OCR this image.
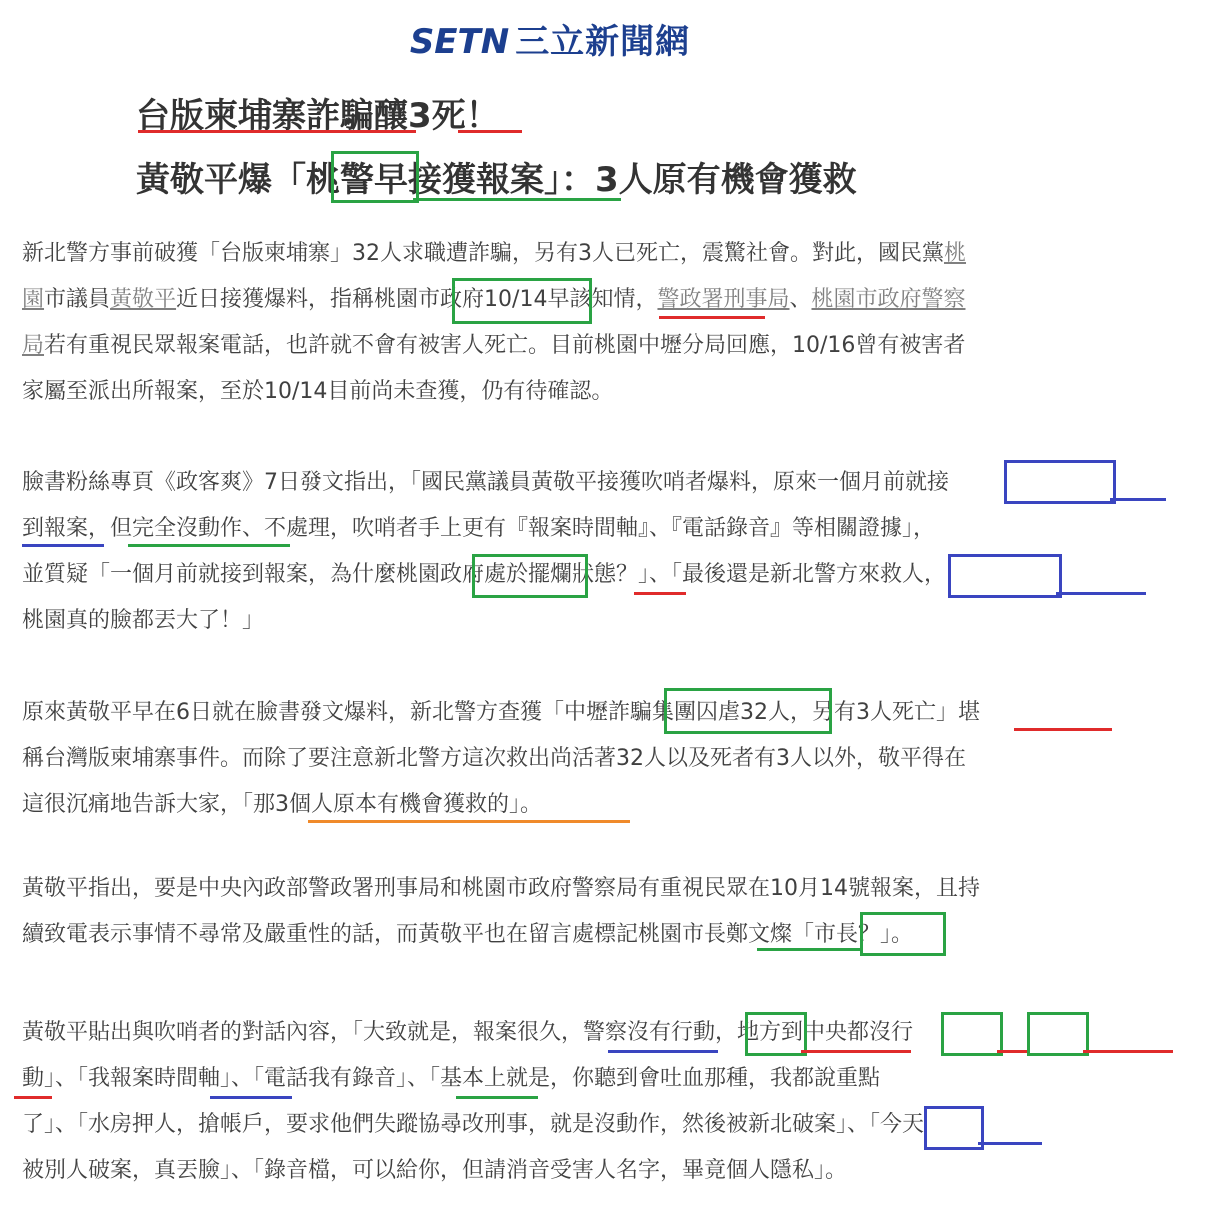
SETN 三立新聞網
台版柬埔寨詐騙釀3死！
黃敬平爆「桃警早接獲報案」：3人原有機會獲救
新北警方事前破獲「台版柬埔寨」32人求職遭詐騙，另有3人已死亡，震驚社會。對此，國民黨桃
園市議員黃敬平近日接獲爆料，指稱桃園市政府10/14早該知情，警政署刑事局、桃園市政府警察
局若有重視民眾報案電話，也許就不會有被害人死亡。目前桃園中壢分局回應，10/16曾有被害者
家屬至派出所報案，至於10/14目前尚未查獲，仍有待確認。
臉書粉絲專頁《政客爽》7日發文指出，「國民黨議員黃敬平接獲吹哨者爆料，原來一個月前就接
到報案，但完全沒動作、不處理，吹哨者手上更有『報案時間軸』、『電話錄音』等相關證據」，
並質疑「一個月前就接到報案，為什麼桃園政府處於擺爛狀態？」、「最後還是新北警方來救人，
桃園真的臉都丟大了！」
原來黃敬平早在6日就在臉書發文爆料，新北警方查獲「中壢詐騙集團囚虐32人，另有3人死亡」堪
稱台灣版柬埔寨事件。而除了要注意新北警方這次救出尚活著32人以及死者有3人以外，敬平得在
這很沉痛地告訴大家，「那3個人原本有機會獲救的」。
黃敬平指出，要是中央內政部警政署刑事局和桃園市政府警察局有重視民眾在10月14號報案，且持
續致電表示事情不尋常及嚴重性的話，而黃敬平也在留言處標記桃園市長鄭文燦「市長？」。
黃敬平貼出與吹哨者的對話內容，「大致就是，報案很久，警察沒有行動，地方到中央都沒行
動」、「我報案時間軸」、「電話我有錄音」、「基本上就是，你聽到會吐血那種，我都說重點
了」、「水房押人，搶帳戶，要求他們失蹤協尋改刑事，就是沒動作，然後被新北破案」、「今天
被別人破案，真丟臉」、「錄音檔，可以給你，但請消音受害人名字，畢竟個人隱私」。
